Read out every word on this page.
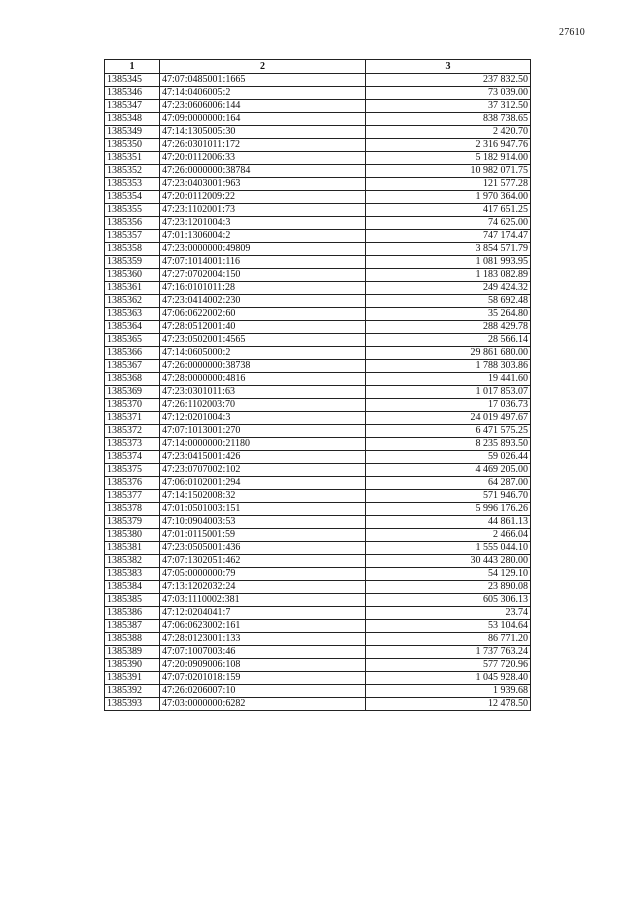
27610
1	2	3
1385345	47:07:0485001:1665	237 832.50
1385346	47:14:0406005:2	73 039.00
1385347	47:23:0606006:144	37 312.50
1385348	47:09:0000000:164	838 738.65
1385349	47:14:1305005:30	2 420.70
1385350	47:26:0301011:172	2 316 947.76
1385351	47:20:0112006:33	5 182 914.00
1385352	47:26:0000000:38784	10 982 071.75
1385353	47:23:0403001:963	121 577.28
1385354	47:20:0112009:22	1 970 364.00
1385355	47:23:1102001:73	417 651.25
1385356	47:23:1201004:3	74 625.00
1385357	47:01:1306004:2	747 174.47
1385358	47:23:0000000:49809	3 854 571.79
1385359	47:07:1014001:116	1 081 993.95
1385360	47:27:0702004:150	1 183 082.89
1385361	47:16:0101011:28	249 424.32
1385362	47:23:0414002:230	58 692.48
1385363	47:06:0622002:60	35 264.80
1385364	47:28:0512001:40	288 429.78
1385365	47:23:0502001:4565	28 566.14
1385366	47:14:0605000:2	29 861 680.00
1385367	47:26:0000000:38738	1 788 303.86
1385368	47:28:0000000:4816	19 441.60
1385369	47:23:0301011:63	1 017 853.07
1385370	47:26:1102003:70	17 036.73
1385371	47:12:0201004:3	24 019 497.67
1385372	47:07:1013001:270	6 471 575.25
1385373	47:14:0000000:21180	8 235 893.50
1385374	47:23:0415001:426	59 026.44
1385375	47:23:0707002:102	4 469 205.00
1385376	47:06:0102001:294	64 287.00
1385377	47:14:1502008:32	571 946.70
1385378	47:01:0501003:151	5 996 176.26
1385379	47:10:0904003:53	44 861.13
1385380	47:01:0115001:59	2 466.04
1385381	47:23:0505001:436	1 555 044.10
1385382	47:07:1302051:462	30 443 280.00
1385383	47:05:0000000:79	54 129.10
1385384	47:13:1202032:24	23 890.08
1385385	47:03:1110002:381	605 306.13
1385386	47:12:0204041:7	23.74
1385387	47:06:0623002:161	53 104.64
1385388	47:28:0123001:133	86 771.20
1385389	47:07:1007003:46	1 737 763.24
1385390	47:20:0909006:108	577 720.96
1385391	47:07:0201018:159	1 045 928.40
1385392	47:26:0206007:10	1 939.68
1385393	47:03:0000000:6282	12 478.50
